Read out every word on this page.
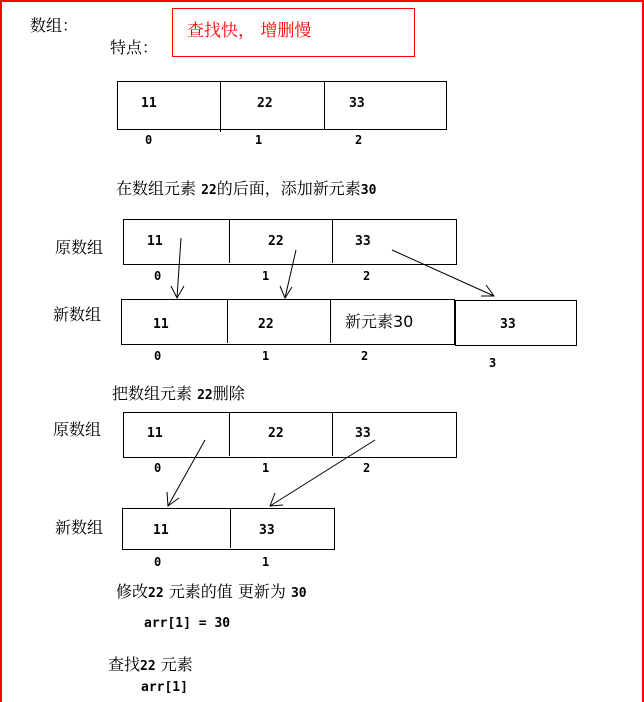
数组：
特点：
查找快， 增删慢
11	22	33
0	1	2
在数组元素 22的后面，添加新元素30
原数组	11	22	33
0	1	2
新数组
11	22	新元素30	33
0	1	2	3
把数组元素 22删除
原数组	11	22	33
0	1	2
新数组	11	33
0	1
修改22 元素的值 更新为 30
arr[1] = 30
查找22 元素
arr[1]
